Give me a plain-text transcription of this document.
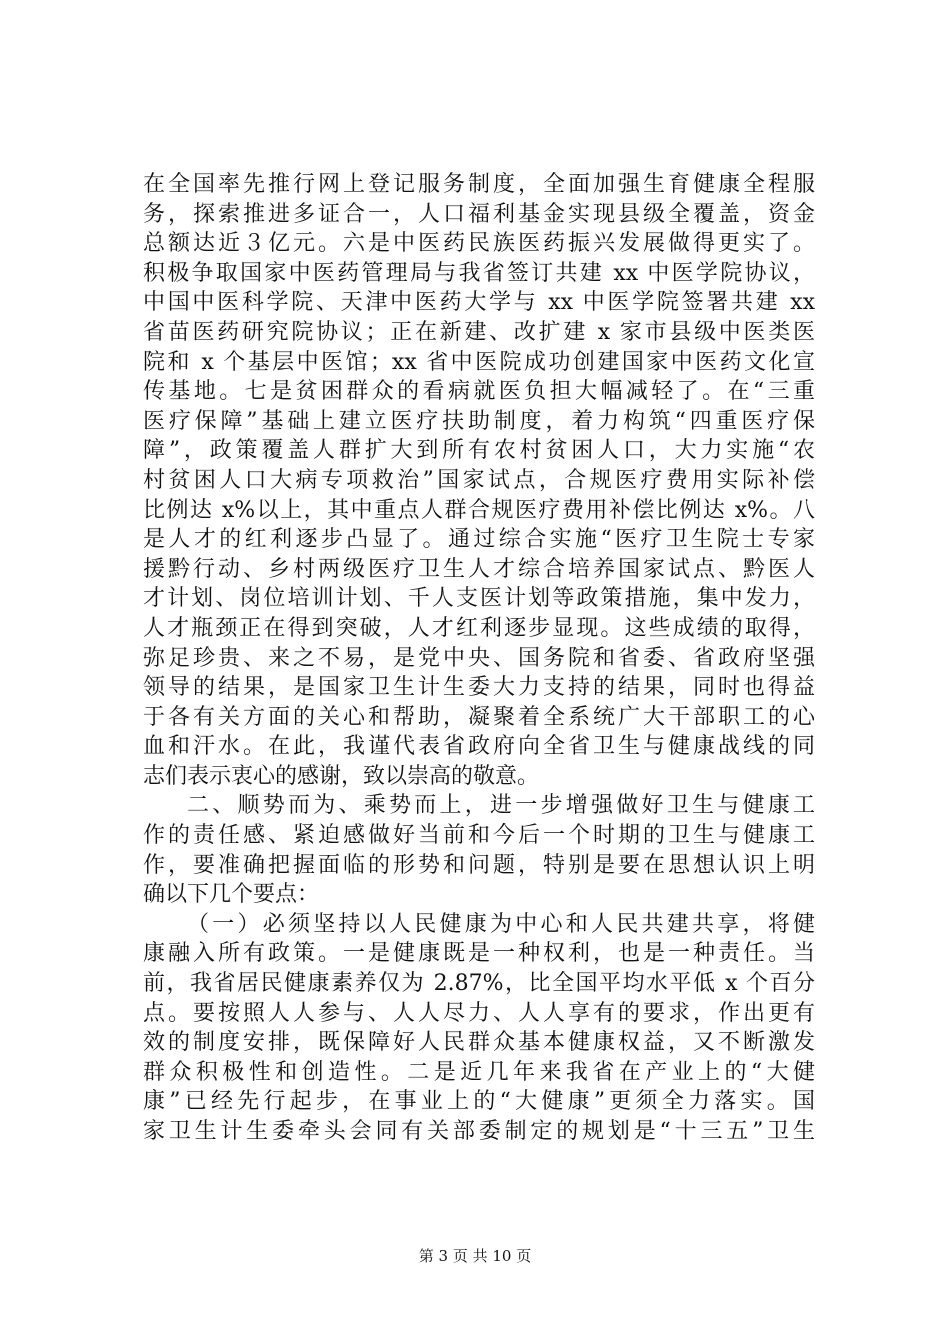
在全国率先推行网上登记服务制度，全面加强生育健康全程服
务，探索推进多证合一，人口福利基金实现县级全覆盖，资金
总额达近３亿元。六是中医药民族医药振兴发展做得更实了。
积极争取国家中医药管理局与我省签订共建 xx 中医学院协议，
中国中医科学院、天津中医药大学与 xx 中医学院签署共建 xx
省苗医药研究院协议；正在新建、改扩建 x 家市县级中医类医
院和 x 个基层中医馆；xx 省中医院成功创建国家中医药文化宣
传基地。七是贫困群众的看病就医负担大幅减轻了。在“三重
医疗保障”基础上建立医疗扶助制度，着力构筑“四重医疗保
障”，政策覆盖人群扩大到所有农村贫困人口，大力实施“农
村贫困人口大病专项救治”国家试点，合规医疗费用实际补偿
比例达 x%以上，其中重点人群合规医疗费用补偿比例达 x%。八
是人才的红利逐步凸显了。通过综合实施“医疗卫生院士专家
援黔行动、乡村两级医疗卫生人才综合培养国家试点、黔医人
才计划、岗位培训计划、千人支医计划等政策措施，集中发力，
人才瓶颈正在得到突破，人才红利逐步显现。这些成绩的取得，
弥足珍贵、来之不易，是党中央、国务院和省委、省政府坚强
领导的结果，是国家卫生计生委大力支持的结果，同时也得益
于各有关方面的关心和帮助，凝聚着全系统广大干部职工的心
血和汗水。在此，我谨代表省政府向全省卫生与健康战线的同
志们表示衷心的感谢，致以崇高的敬意。
二、顺势而为、乘势而上，进一步增强做好卫生与健康工
作的责任感、紧迫感做好当前和今后一个时期的卫生与健康工
作，要准确把握面临的形势和问题，特别是要在思想认识上明
确以下几个要点：
（一）必须坚持以人民健康为中心和人民共建共享，将健
康融入所有政策。一是健康既是一种权利，也是一种责任。当
前，我省居民健康素养仅为 2.87%，比全国平均水平低 x 个百分
点。要按照人人参与、人人尽力、人人享有的要求，作出更有
效的制度安排，既保障好人民群众基本健康权益，又不断激发
群众积极性和创造性。二是近几年来我省在产业上的“大健
康”已经先行起步，在事业上的“大健康”更须全力落实。国
家卫生计生委牵头会同有关部委制定的规划是“十三五”卫生
第 3 页 共 10 页
